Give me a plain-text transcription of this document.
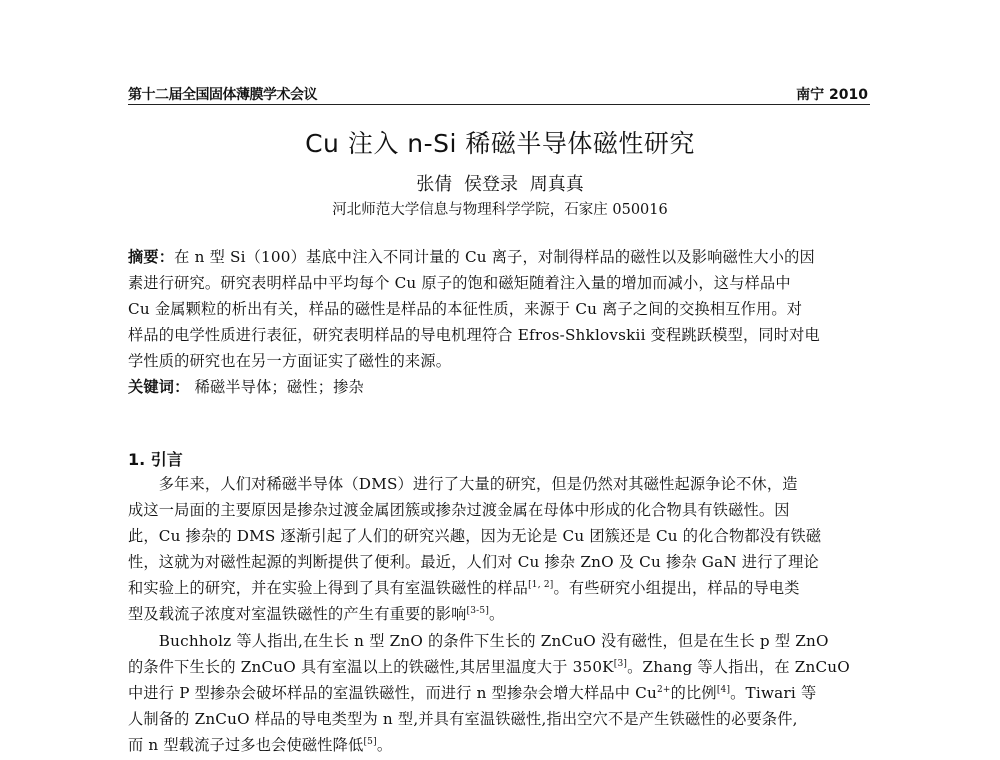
第十二届全国固体薄膜学术会议	南宁 2010
Cu 注入 n-Si 稀磁半导体磁性研究
张倩 侯登录 周真真
河北师范大学信息与物理科学学院，石家庄 050016
摘要：在 n 型 Si（100）基底中注入不同计量的 Cu 离子，对制得样品的磁性以及影响磁性大小的因
素进行研究。研究表明样品中平均每个 Cu 原子的饱和磁矩随着注入量的增加而减小，这与样品中
Cu 金属颗粒的析出有关，样品的磁性是样品的本征性质，来源于 Cu 离子之间的交换相互作用。对
样品的电学性质进行表征，研究表明样品的导电机理符合 Efros-Shklovskii 变程跳跃模型，同时对电
学性质的研究也在另一方面证实了磁性的来源。
关键词： 稀磁半导体；磁性；掺杂
1. 引言
　　多年来，人们对稀磁半导体（DMS）进行了大量的研究，但是仍然对其磁性起源争论不休，造
成这一局面的主要原因是掺杂过渡金属团簇或掺杂过渡金属在母体中形成的化合物具有铁磁性。因
此，Cu 掺杂的 DMS 逐渐引起了人们的研究兴趣，因为无论是 Cu 团簇还是 Cu 的化合物都没有铁磁
性，这就为对磁性起源的判断提供了便利。最近，人们对 Cu 掺杂 ZnO 及 Cu 掺杂 GaN 进行了理论
和实验上的研究，并在实验上得到了具有室温铁磁性的样品[1, 2]。有些研究小组提出，样品的导电类
型及载流子浓度对室温铁磁性的产生有重要的影响[3-5]。
　　Buchholz 等人指出,在生长 n 型 ZnO 的条件下生长的 ZnCuO 没有磁性，但是在生长 p 型 ZnO
的条件下生长的 ZnCuO 具有室温以上的铁磁性,其居里温度大于 350K[3]。Zhang 等人指出，在 ZnCuO
中进行 P 型掺杂会破坏样品的室温铁磁性，而进行 n 型掺杂会增大样品中 $Cu^{2+}$的比例[4]。Tiwari 等
人制备的 ZnCuO 样品的导电类型为 n 型,并具有室温铁磁性,指出空穴不是产生铁磁性的必要条件,
而 n 型载流子过多也会使磁性降低[5]。
